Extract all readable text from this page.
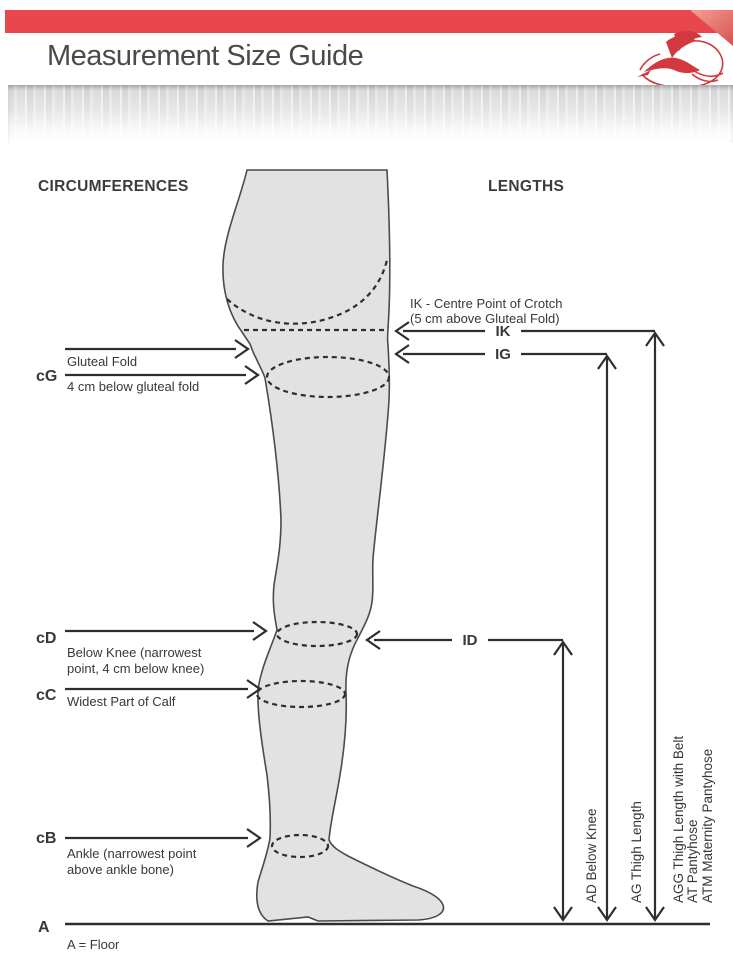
Measurement Size Guide
CIRCUMFERENCES	LENGTHS
cG
Gluteal Fold
4 cm below gluteal fold
cD
Below Knee (narrowest
point, 4 cm below knee)
cC Widest Part of Calf
cB
Ankle (narrowest point
above ankle bone)
A
A = Floor
IK - Centre Point of Crotch
(5 cm above Gluteal Fold)
IK
IG
ID
AD Below Knee AG Thigh Length AGG Thigh Length with Belt AT Pantyhose ATM Maternity Pantyhose
